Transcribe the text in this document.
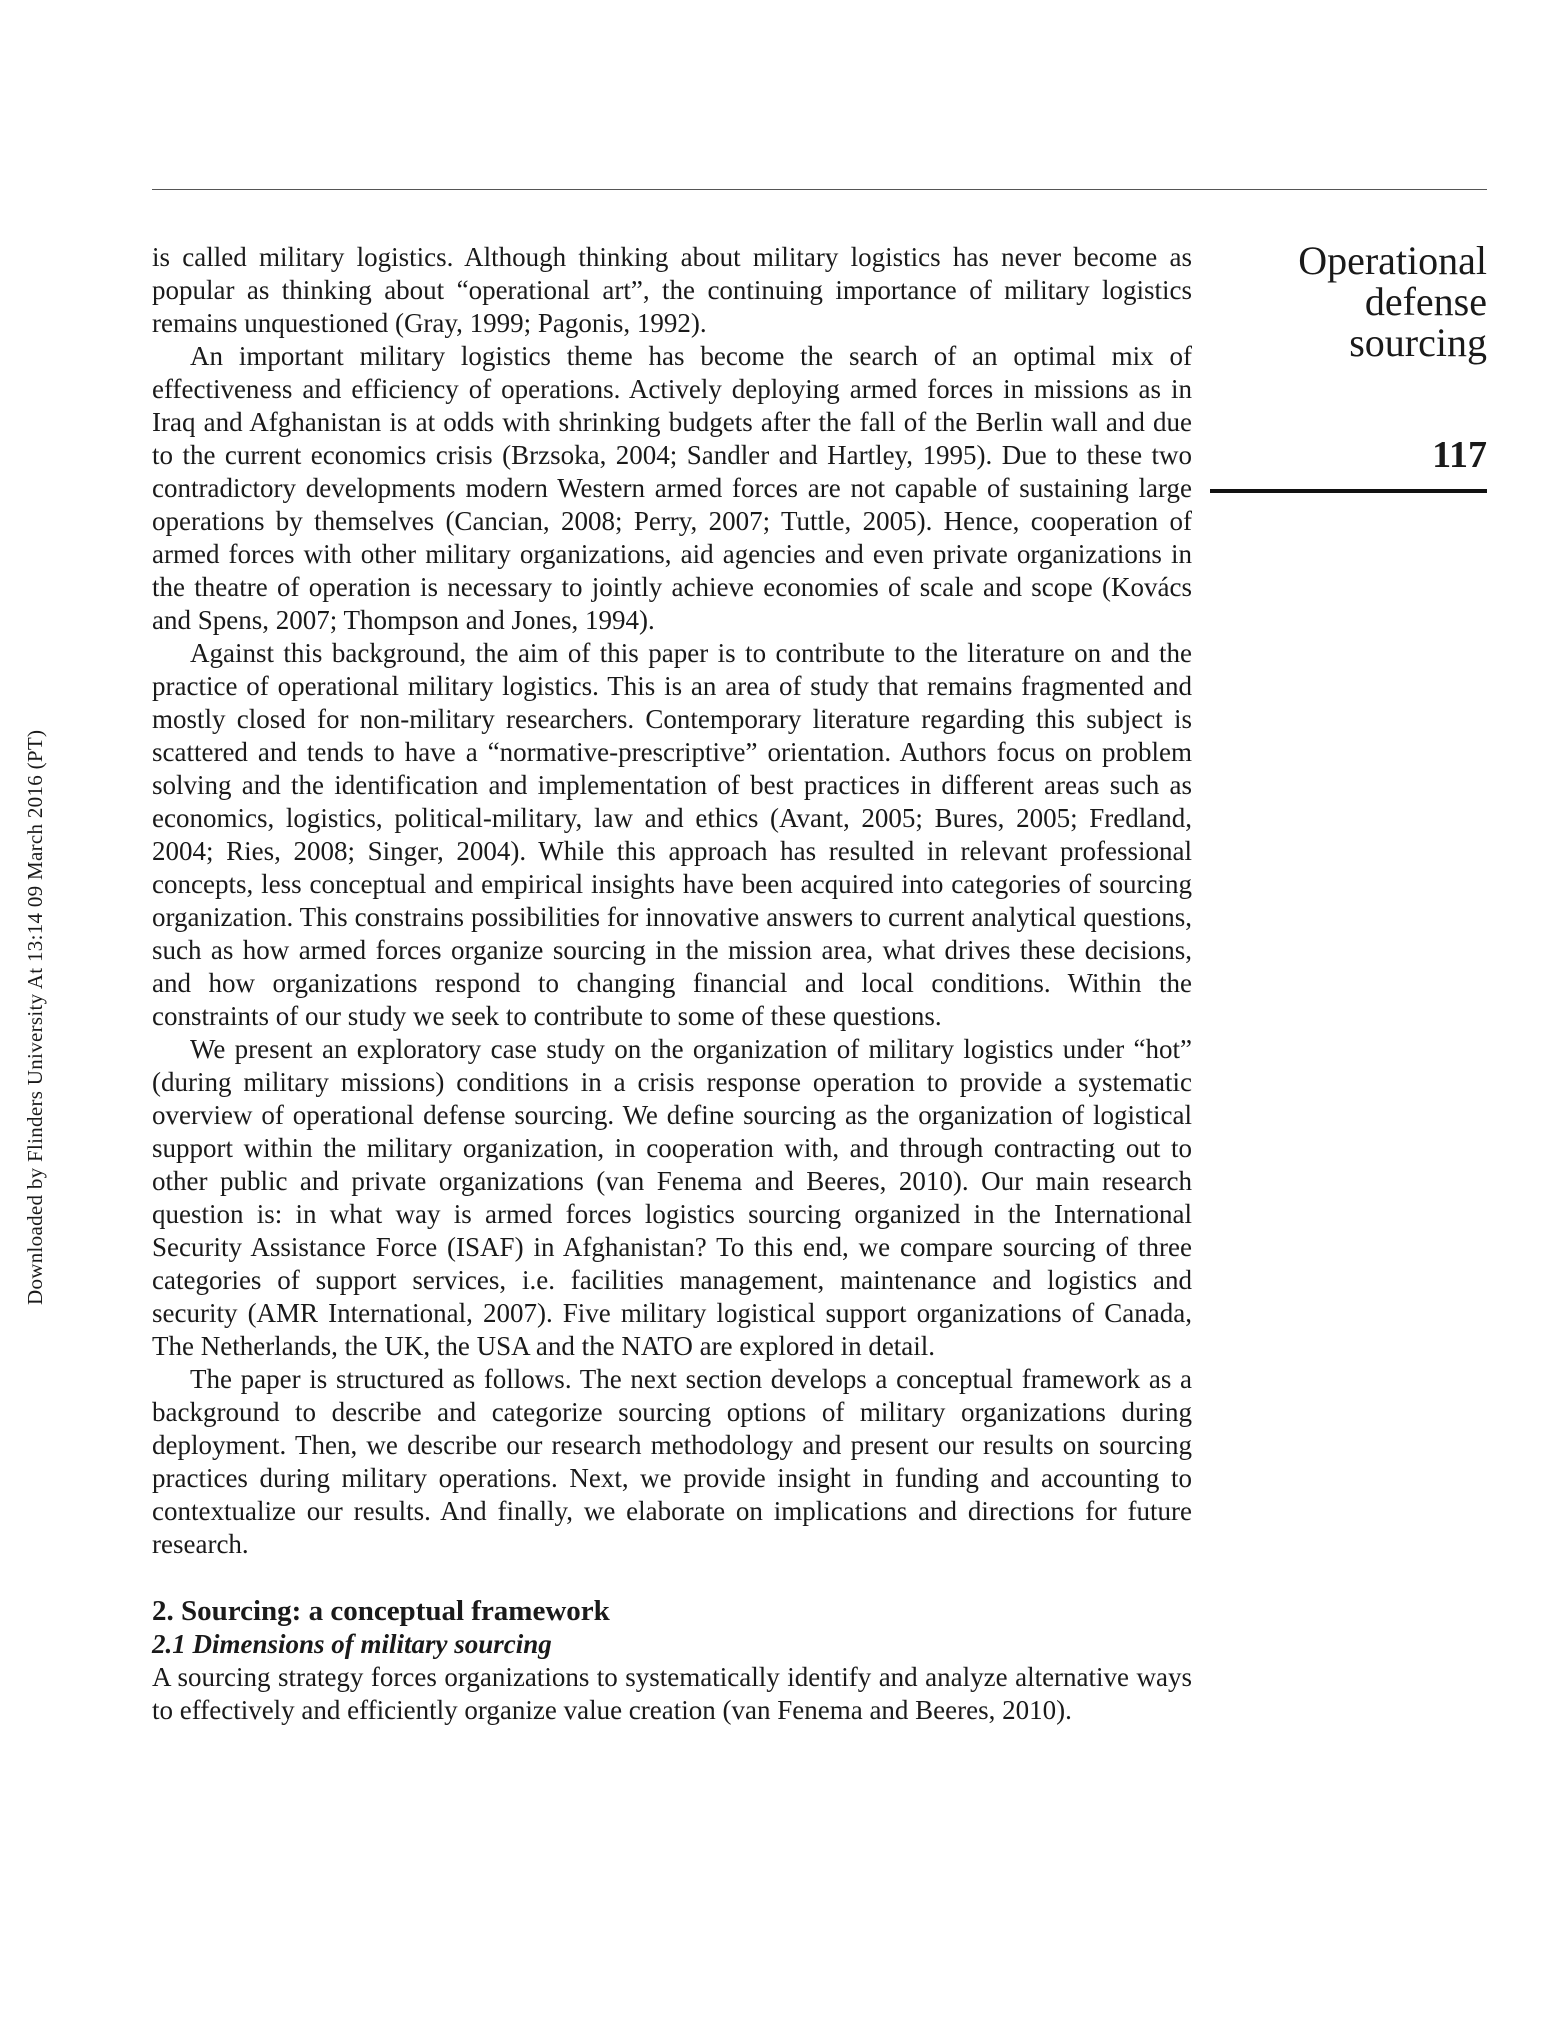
Downloaded by Flinders University At 13:14 09 March 2016 (PT)
Operational
defense
sourcing
117

is called military logistics. Although thinking about military logistics has never become as popular as thinking about “operational art”, the continuing importance of military logistics remains unquestioned (Gray, 1999; Pagonis, 1992).

An important military logistics theme has become the search of an optimal mix of effectiveness and efficiency of operations. Actively deploying armed forces in missions as in Iraq and Afghanistan is at odds with shrinking budgets after the fall of the Berlin wall and due to the current economics crisis (Brzsoka, 2004; Sandler and Hartley, 1995). Due to these two contradictory developments modern Western armed forces are not capable of sustaining large operations by themselves (Cancian, 2008; Perry, 2007; Tuttle, 2005). Hence, cooperation of armed forces with other military organizations, aid agencies and even private organizations in the theatre of operation is necessary to jointly achieve economies of scale and scope (Kovács and Spens, 2007; Thompson and Jones, 1994).

Against this background, the aim of this paper is to contribute to the literature on and the practice of operational military logistics. This is an area of study that remains fragmented and mostly closed for non-military researchers. Contemporary literature regarding this subject is scattered and tends to have a “normative-prescriptive” orientation. Authors focus on problem solving and the identification and implementation of best practices in different areas such as economics, logistics, political-military, law and ethics (Avant, 2005; Bures, 2005; Fredland, 2004; Ries, 2008; Singer, 2004). While this approach has resulted in relevant professional concepts, less conceptual and empirical insights have been acquired into categories of sourcing organization. This constrains possibilities for innovative answers to current analytical questions, such as how armed forces organize sourcing in the mission area, what drives these decisions, and how organizations respond to changing financial and local conditions. Within the constraints of our study we seek to contribute to some of these questions.

We present an exploratory case study on the organization of military logistics under “hot” (during military missions) conditions in a crisis response operation to provide a systematic overview of operational defense sourcing. We define sourcing as the organization of logistical support within the military organization, in cooperation with, and through contracting out to other public and private organizations (van Fenema and Beeres, 2010). Our main research question is: in what way is armed forces logistics sourcing organized in the International Security Assistance Force (ISAF) in Afghanistan? To this end, we compare sourcing of three categories of support services, i.e. facilities management, maintenance and logistics and security (AMR International, 2007). Five military logistical support organizations of Canada, The Netherlands, the UK, the USA and the NATO are explored in detail.

The paper is structured as follows. The next section develops a conceptual framework as a background to describe and categorize sourcing options of military organizations during deployment. Then, we describe our research methodology and present our results on sourcing practices during military operations. Next, we provide insight in funding and accounting to contextualize our results. And finally, we elaborate on implications and directions for future research.

2. Sourcing: a conceptual framework
2.1 Dimensions of military sourcing

A sourcing strategy forces organizations to systematically identify and analyze alternative ways to effectively and efficiently organize value creation (van Fenema and Beeres, 2010).
